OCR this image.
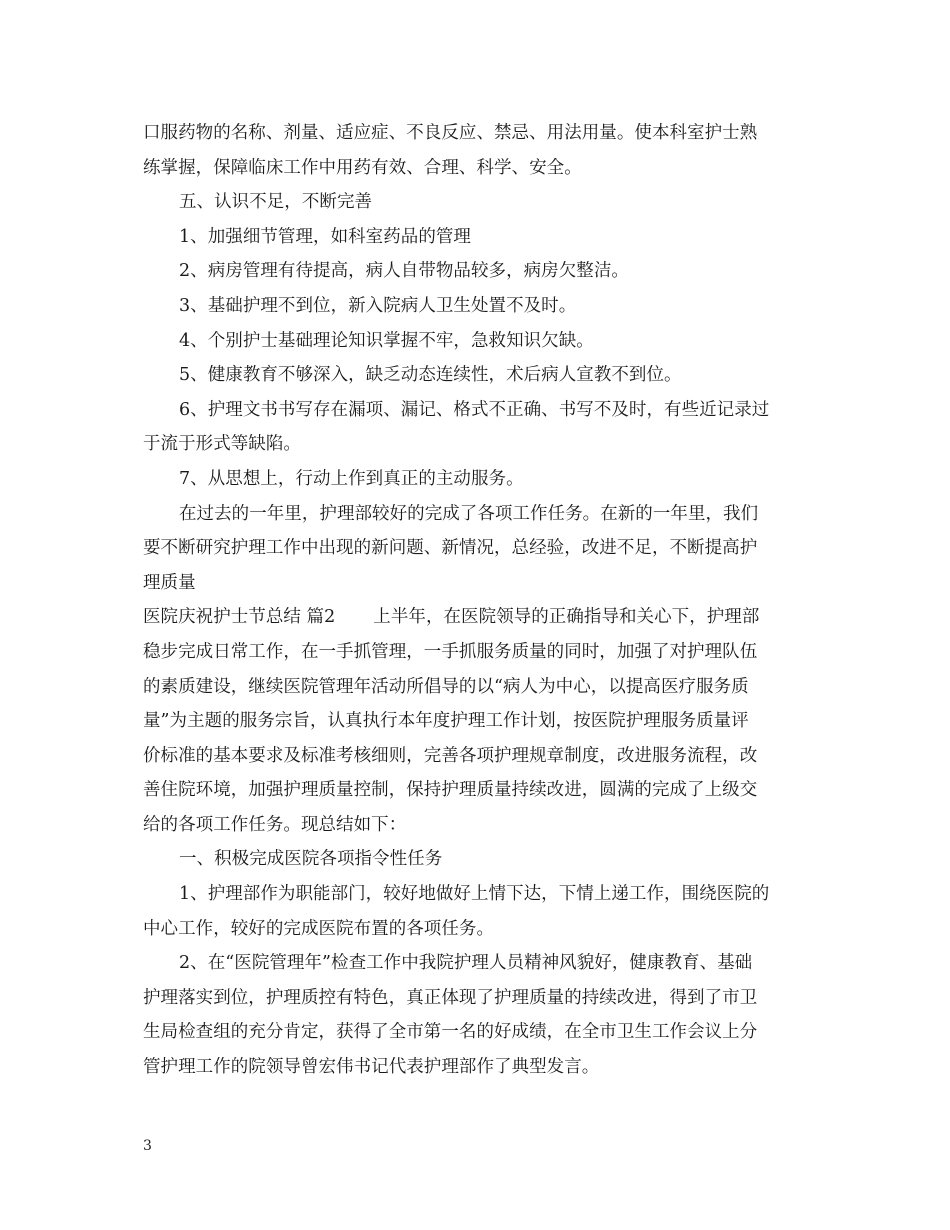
口服药物的名称、剂量、适应症、不良反应、禁忌、用法用量。使本科室护士熟
练掌握，保障临床工作中用药有效、合理、科学、安全。
五、认识不足，不断完善
1、加强细节管理，如科室药品的管理
2、病房管理有待提高，病人自带物品较多，病房欠整洁。
3、基础护理不到位，新入院病人卫生处置不及时。
4、个别护士基础理论知识掌握不牢，急救知识欠缺。
5、健康教育不够深入，缺乏动态连续性，术后病人宣教不到位。
6、护理文书书写存在漏项、漏记、格式不正确、书写不及时，有些近记录过
于流于形式等缺陷。
7、从思想上，行动上作到真正的主动服务。
在过去的一年里，护理部较好的完成了各项工作任务。在新的一年里，我们
要不断研究护理工作中出现的新问题、新情况，总经验，改进不足，不断提高护
理质量
医院庆祝护士节总结 篇2 上半年，在医院领导的正确指导和关心下，护理部
稳步完成日常工作，在一手抓管理，一手抓服务质量的同时，加强了对护理队伍
的素质建设，继续医院管理年活动所倡导的以“病人为中心，以提高医疗服务质
量”为主题的服务宗旨，认真执行本年度护理工作计划，按医院护理服务质量评
价标准的基本要求及标准考核细则，完善各项护理规章制度，改进服务流程，改
善住院环境，加强护理质量控制，保持护理质量持续改进，圆满的完成了上级交
给的各项工作任务。现总结如下：
一、积极完成医院各项指令性任务
1、护理部作为职能部门，较好地做好上情下达，下情上递工作，围绕医院的
中心工作，较好的完成医院布置的各项任务。
2、在“医院管理年”检查工作中我院护理人员精神风貌好，健康教育、基础
护理落实到位，护理质控有特色，真正体现了护理质量的持续改进，得到了市卫
生局检查组的充分肯定，获得了全市第一名的好成绩，在全市卫生工作会议上分
管护理工作的院领导曾宏伟书记代表护理部作了典型发言。
3
